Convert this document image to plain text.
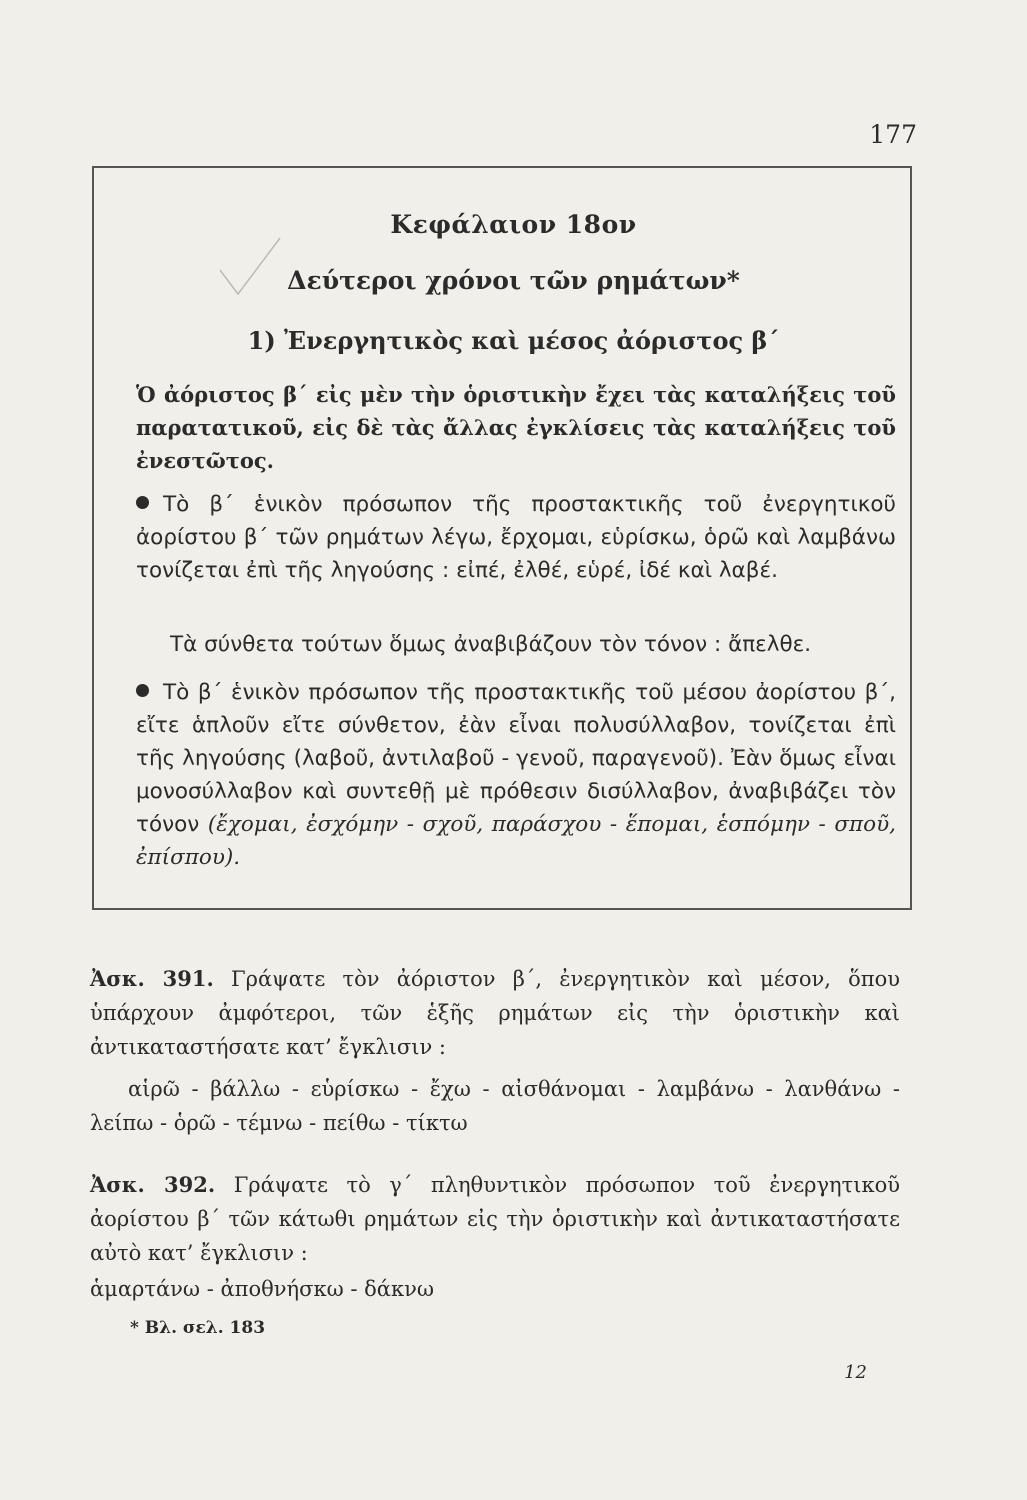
177
Κεφάλαιον 18ον
Δεύτεροι χρόνοι τῶν ρημάτων*
1) Ἐνεργητικὸς καὶ μέσος ἀόριστος β΄

Ὁ ἀόριστος β΄ εἰς μὲν τὴν ὁριστικὴν ἔχει τὰς καταλήξεις τοῦ παρατατικοῦ, εἰς δὲ τὰς ἄλλας ἐγκλίσεις τὰς καταλήξεις τοῦ ἐνεστῶτος.

Τὸ β΄ ἑνικὸν πρόσωπον τῆς προστακτικῆς τοῦ ἐνεργητικοῦ ἀορίστου β΄ τῶν ρημάτων λέγω, ἔρχομαι, εὑρίσκω, ὁρῶ καὶ λαμβάνω τονίζεται ἐπὶ τῆς ληγούσης : εἰπέ, ἐλθέ, εὑρέ, ἰδέ καὶ λαβέ.

Τὰ σύνθετα τούτων ὅμως ἀναβιβάζουν τὸν τόνον : ἄπελθε.

Τὸ β΄ ἑνικὸν πρόσωπον τῆς προστακτικῆς τοῦ μέσου ἀορίστου β΄, εἴτε ἁπλοῦν εἴτε σύνθετον, ἐὰν εἶναι πολυσύλλαβον, τονίζεται ἐπὶ τῆς ληγούσης (λαβοῦ, ἀντιλαβοῦ - γενοῦ, παραγενοῦ). Ἐὰν ὅμως εἶναι μονοσύλλαβον καὶ συντεθῇ μὲ πρόθεσιν δισύλλαβον, ἀναβιβάζει τὸν τόνον (ἔχομαι, ἐσχόμην - σχοῦ, παράσχου - ἕπομαι, ἑσπόμην - σποῦ, ἐπίσπου).

Ἀσκ. 391. Γράψατε τὸν ἀόριστον β΄, ἐνεργητικὸν καὶ μέσον, ὅπου ὑπάρχουν ἀμφότεροι, τῶν ἑξῆς ρημάτων εἰς τὴν ὁριστικὴν καὶ ἀντικαταστήσατε κατ’ ἔγκλισιν :

αἱρῶ - βάλλω - εὑρίσκω - ἔχω - αἰσθάνομαι - λαμβάνω - λανθάνω - λείπω - ὁρῶ - τέμνω - πείθω - τίκτω

Ἀσκ. 392. Γράψατε τὸ γ΄ πληθυντικὸν πρόσωπον τοῦ ἐνεργητικοῦ ἀορίστου β΄ τῶν κάτωθι ρημάτων εἰς τὴν ὁριστικὴν καὶ ἀντικαταστήσατε αὐτὸ κατ’ ἔγκλισιν :

ἁμαρτάνω - ἀποθνήσκω - δάκνω

* Βλ. σελ. 183
12
